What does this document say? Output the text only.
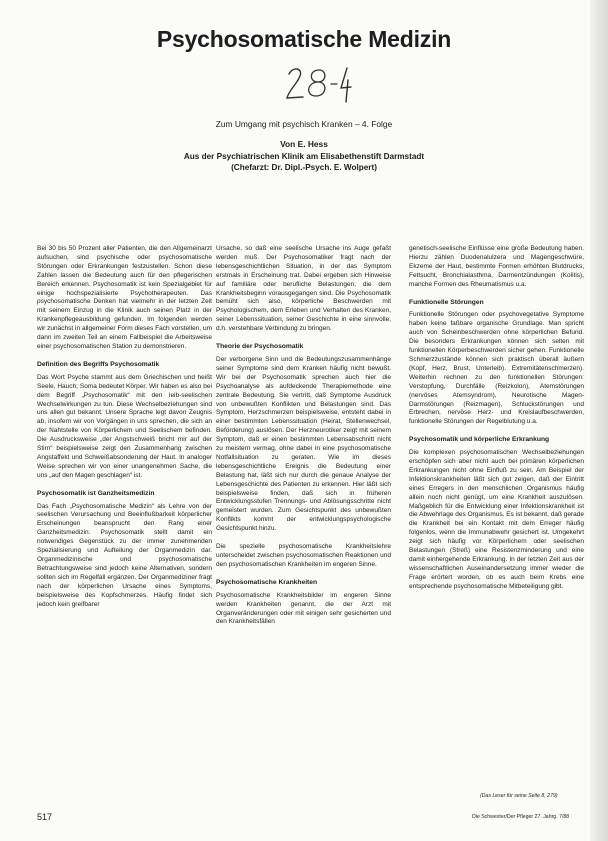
Psychosomatische Medizin
Zum Umgang mit psychisch Kranken – 4. Folge
Von E. Hess
Aus der Psychiatrischen Klinik am Elisabethenstift Darmstadt
(Chefarzt: Dr. Dipl.-Psych. E. Wolpert)

Bei 30 bis 50 Prozent aller Patienten, die den Allgemeinarzt aufsuchen, sind psychische oder psychosomatische Störungen oder Erkrankungen festzustellen. Schon diese Zahlen lassen die Bedeutung auch für den pflegerischen Bereich erkennen. Psychosomatik ist kein Spezialgebiet für einige hochspezialisierte Psychotherapeuten. Das psychosomatische Denken hat vielmehr in der letzten Zeit mit seinem Einzug in die Klinik auch seinen Platz in der Krankenpflegeausbildung gefunden. Im folgenden werden wir zunächst in allgemeiner Form dieses Fach vorstellen, um dann im zweiten Teil an einem Fallbeispiel die Arbeitsweise einer psychosomatischen Station zu demonstrieren.

Definition des Begriffs Psychosomatik

Das Wort Psyche stammt aus dem Griechischen und heißt Seele, Hauch; Soma bedeutet Körper. Wir haben es also bei dem Begriff „Psychosomatik“ mit den leib-seelischen Wechselwirkungen zu tun. Diese Wechselbeziehungen sind uns allen gut bekannt. Unsere Sprache legt davon Zeugnis ab, insofern wir von Vorgängen in uns sprechen, die sich an der Nahtstelle von Körperlichem und Seelischem befinden. Die Ausdrucksweise „der Angstschweiß bricht mir auf der Stirn“ beispielsweise zeigt den Zusammenhang zwischen Angstaffekt und Schweißabsonderung der Haut. In analoger Weise sprechen wir von einer unangenehmen Sache, die uns „auf den Magen geschlagen“ ist.

Psychosomatik ist Ganzheitsmedizin

Das Fach „Psychosomatische Medizin“ als Lehre von der seelischen Verursachung und Beeinflußbarkeit körperlicher Erscheinungen beansprucht den Rang einer Ganzheitsmedizin. Psychosomatik stellt damit ein notwendiges Gegenstück zu der immer zunehmenden Spezialisierung und Aufteilung der Organmedizin dar. Organmedizinische und psychosomatische Betrachtungsweise sind jedoch keine Alternativen, sondern sollten sich im Regelfall ergänzen. Der Organmediziner fragt nach der körperlichen Ursache eines Symptoms, beispielsweise des Kopfschmerzes. Häufig findet sich jedoch kein greifbarer

Ursache, so daß eine seelische Ursache ins Auge gefaßt werden muß. Der Psychosomatiker fragt nach der lebensgeschichtlichen Situation, in der das Symptom erstmals in Erscheinung trat. Dabei ergeben sich Hinweise auf familiäre oder berufliche Belastungen, die dem Krankheitsbeginn vorausgegangen sind. Die Psychosomatik bemüht sich also, körperliche Beschwerden mit Psychologischem, dem Erleben und Verhalten des Kranken, seiner Lebenssituation, seiner Geschichte in eine sinnvolle, d.h. verstehbare Verbindung zu bringen.

Theorie der Psychosomatik

Der verborgene Sinn und die Bedeutungszusammenhänge seiner Symptome sind dem Kranken häufig nicht bewußt. Wir bei der Psychosomatik sprechen auch hier die Psychoanalyse als aufdeckende Therapiemethode eine zentrale Bedeutung. Sie vertritt, daß Symptome Ausdruck von unbewußten Konflikten und Belastungen sind. Das Symptom, Herzschmerzen beispielsweise, entsteht dabei in einer bestimmten Lebenssituation (Heirat, Stellenwechsel, Beförderung) auslösen. Der Herzneurotiker zeigt mit seinem Symptom, daß er einen bestimmten Lebensabschnitt nicht zu meistern vermag, ohne dabei in eine psychosomatische Notfallsituation zu geraten. Wie im dieses lebensgeschichtliche Ereignis die Bedeutung einer Belastung hat, läßt sich nur durch die genaue Analyse der Lebensgeschichte des Patienten zu erkennen. Hier läßt sich beispielsweise finden, daß sich in früheren Entwicklungsstufen Trennungs- und Ablösungsschritte nicht gemeistert wurden. Zum Gesichtspunkt des unbewußten Konflikts kommt der entwicklungspsychologische Gesichtspunkt hinzu.

Die spezielle psychosomatische Krankheitslehre unterscheidet zwischen psychosomatischen Reaktionen und den psychosomatischen Krankheiten im engeren Sinne.

Psychosomatische Krankheiten

Psychosomatische Krankheitsbilder im engeren Sinne werden Krankheiten genannt, die der Arzt mit Organveränderungen oder mit einigen sehr gesicherten und den Krankheitsfällen

genetisch-seelische Einflüsse eine große Bedeutung haben. Hierzu zählen Duodenalulzera und Magengeschwüre, Ekzeme der Haut, bestimmte Formen erhöhten Blutdrucks, Fettsucht, Bronchialasthma, Darmentzündungen (Kolitis), manche Formen des Rheumatismus u.a.

Funktionelle Störungen

Funktionelle Störungen oder psychovegetative Symptome haben keine faßbare organische Grundlage. Man spricht auch von Scheinbeschwerden ohne körperlichen Befund. Die besonders Erkrankungen können sich selten mit funktionellen Körperbeschwerden sicher gehen. Funktionelle Schmerzzustände können sich praktisch überall äußern (Kopf, Herz, Brust, Unterleib). Extremitätenschmerzen). Weiterhin rechnen zu den funktionellen Störungen: Verstopfung, Durchfälle (Reizkolon), Atemstörungen (nervöses Atemsyndrom), Neurotische Magen-Darmstörungen (Reizmagen), Schluckstörungen und Erbrechen, nervöse Herz- und Kreislaufbeschwerden, funktionelle Störungen der Regelblutung u.a.

Psychosomatik und körperliche Erkrankung

Die komplexen psychosomatischen Wechselbeziehungen erschöpfen sich aber nicht auch bei primären körperlichen Erkrankungen nicht ohne Einfluß zu sein. Am Beispiel der Infektionskrankheiten läßt sich gut zeigen, daß der Eintritt eines Erregers in den menschlichen Organismus häufig allein noch nicht genügt, um eine Krankheit auszulösen. Maßgeblich für die Entwicklung einer Infektionskrankheit ist die Abwehrlage des Organismus. Es ist bekannt, daß gerade die Krankheit bei ein Kontakt mit dem Erreger häufig folgenlos, wenn die Immunabwehr gesichert ist. Umgekehrt zeigt sich häufig vor Körperlichem oder seelischen Belastungen (Streß) eine Resistenzminderung und eine damit einhergehende Erkrankung. In der letzten Zeit aus der wissenschaftlichen Auseinandersetzung immer wieder die Frage erörtert worden, ob es auch beim Krebs eine entsprechende psychosomatische Mitbeteiligung gibt.

(Das Leser für seine Seite 8, 279)
517	Die Schwester/Der Pfleger 27. Jahrg. 7/88
